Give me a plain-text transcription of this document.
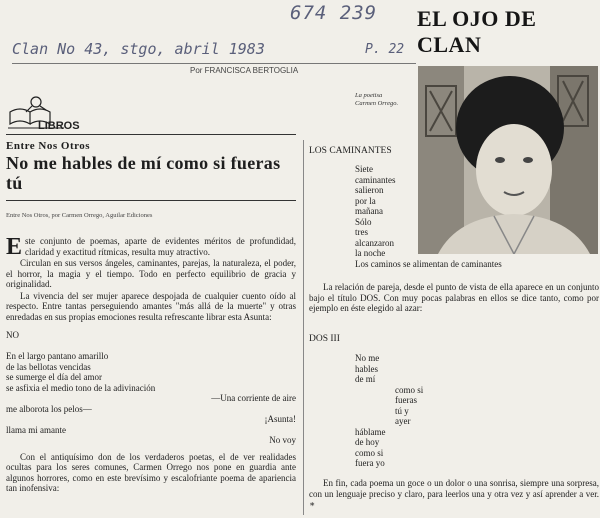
674 239
Clan No 43, stgo, abril 1983	P. 22
EL OJO DE CLAN
Por FRANCISCA BERTOGLIA
LIBROS
Entre Nos Otros
No me hables de mí como si fueras tú
Entre Nos Otros, por Carmen Orrego, Aguilar Ediciones

Este conjunto de poemas, aparte de evidentes méritos de profundidad, claridad y exactitud rítmicas, resulta muy atractivo.

Circulan en sus versos ángeles, caminantes, parejas, la naturaleza, el poder, el horror, la magia y el tiempo. Todo en perfecto equilibrio de gracia y originalidad.

La vivencia del ser mujer aparece despojada de cualquier cuento oído al respecto. Entre tantas perseguiendo amantes "más allá de la muerte" y otras enredadas en sus propias emociones resulta refrescante librar esta Asunta:

NO
En el largo pantano amarillo
de las bellotas vencidas
se sumerge el día del amor
se asfixia el medio tono de la adivinación
—Una corriente de aire
me alborota los pelos—
¡Asunta!
llama mi amante
No voy

Con el antiquísimo don de los verdaderos poetas, el de ver realidades ocultas para los seres comunes, Carmen Orrego nos pone en guardia ante algunos horrores, como en este brevísimo y escalofriante poema de apariencia tan inofensiva:

La poetisa
Carmen Orrego.
LOS CAMINANTES
Siete
caminantes
salieron
por la
mañana
Sólo
tres
alcanzaron
la noche
Los caminos se alimentan de caminantes
La relación de pareja, desde el punto de vista de ella aparece en un conjunto bajo el título DOS. Con muy pocas palabras en ellos se dice tanto, como por ejemplo en éste elegido al azar:
DOS III
No me
hables
de mí
como si
fueras
tú y
ayer
háblame
de hoy
como si
fuera yo
En fin, cada poema un goce o un dolor o una sonrisa, siempre una sorpresa, con un lenguaje preciso y claro, para leerlos una y otra vez y así aprender a ver. ∗
